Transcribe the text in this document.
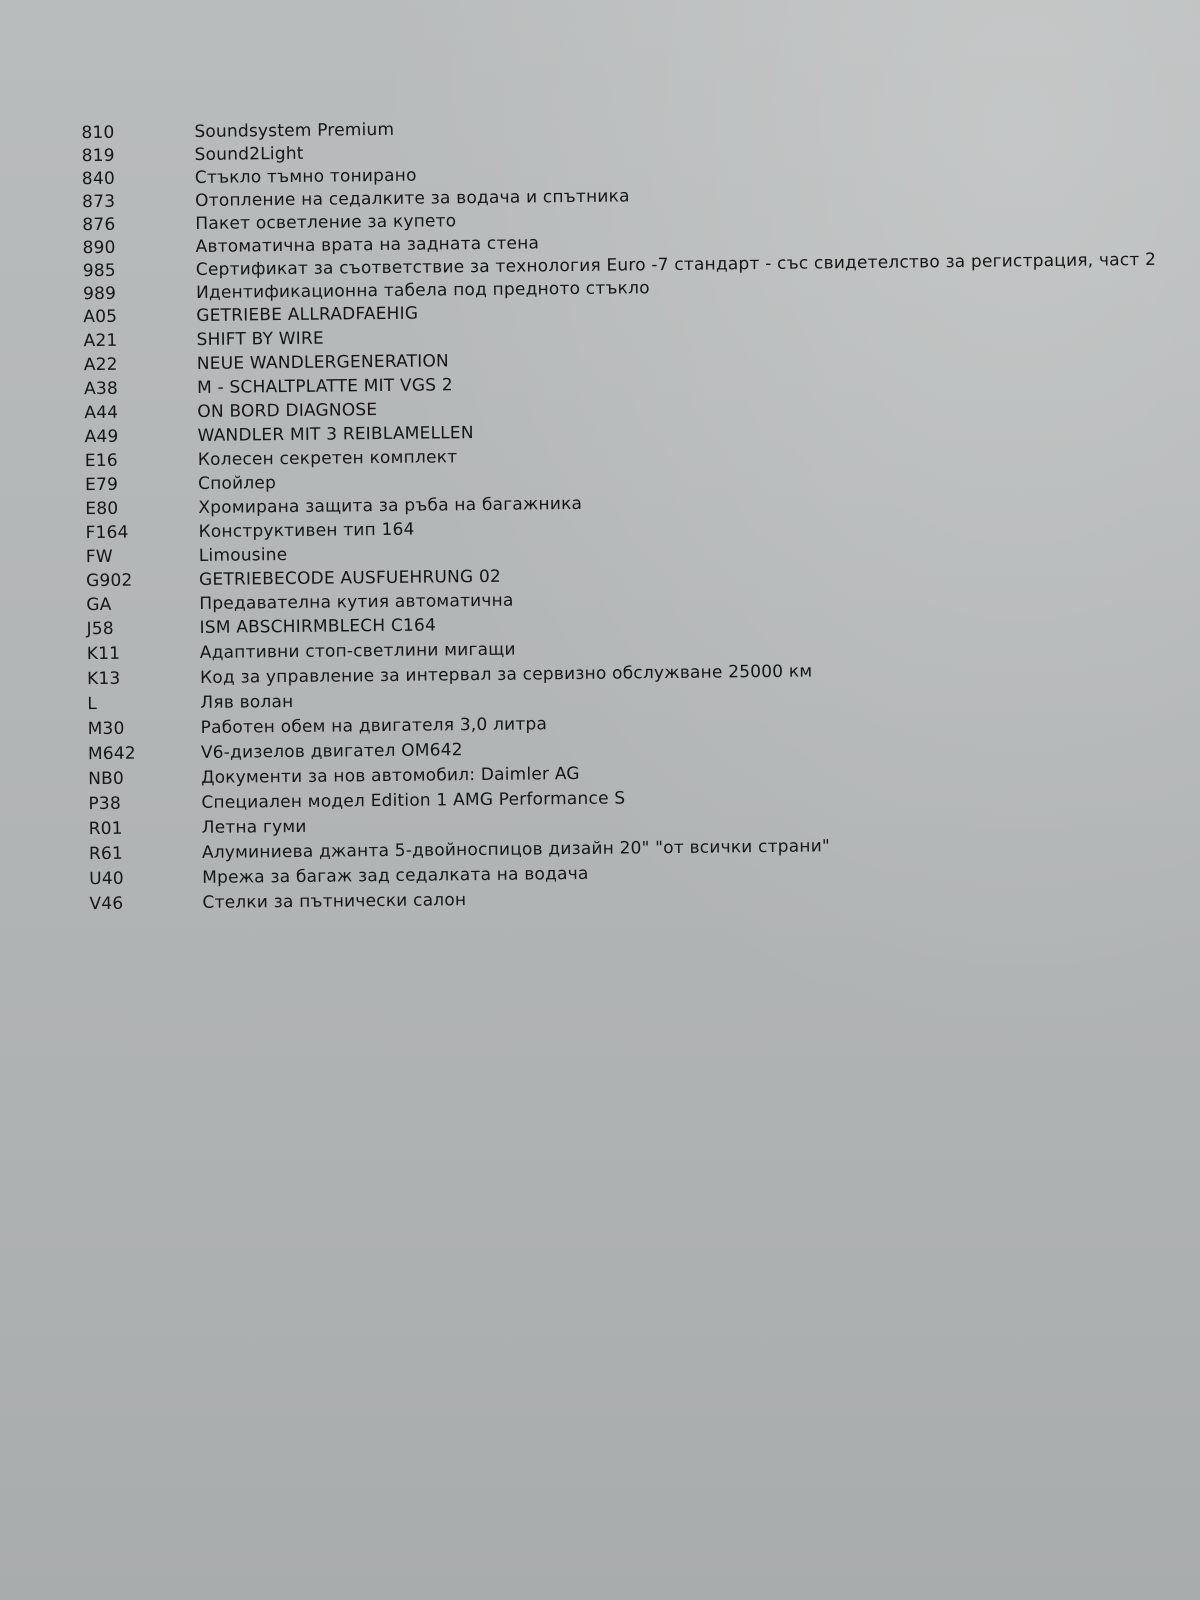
810	Soundsystem Premium
819	Sound2Light
840	Стъкло тъмно тонирано
873	Отопление на седалките за водача и спътника
876	Пакет осветление за купето
890	Автоматична врата на задната стена
985	Сертификат за съответствие за технология Euro -7 стандарт - със свидетелство за регистрация, част 2
989	Идентификационна табела под предното стъкло
A05	GETRIEBE ALLRADFAEHIG
A21	SHIFT BY WIRE
A22	NEUE WANDLERGENERATION
A38	M - SCHALTPLATTE MIT VGS 2
A44	ON BORD DIAGNOSE
A49	WANDLER MIT 3 REIBLAMELLEN
E16	Колесен секретен комплект
E79	Спойлер
E80	Хромирана защита за ръба на багажника
F164	Конструктивен тип 164
FW	Limousine
G902	GETRIEBECODE AUSFUEHRUNG 02
GA	Предавателна кутия автоматична
J58	ISM ABSCHIRMBLECH C164
K11	Адаптивни стоп-светлини мигащи
K13	Код за управление за интервал за сервизно обслужване 25000 км
L	Ляв волан
M30	Работен обем на двигателя 3,0 литра
M642	V6-дизелов двигател OM642
NB0	Документи за нов автомобил: Daimler AG
P38	Специален модел Edition 1 AMG Performance S
R01	Летна гуми
R61	Алуминиева джанта 5-двойноспицов дизайн 20" "от всички страни"
U40	Мрежа за багаж зад седалката на водача
V46	Стелки за пътнически салон
